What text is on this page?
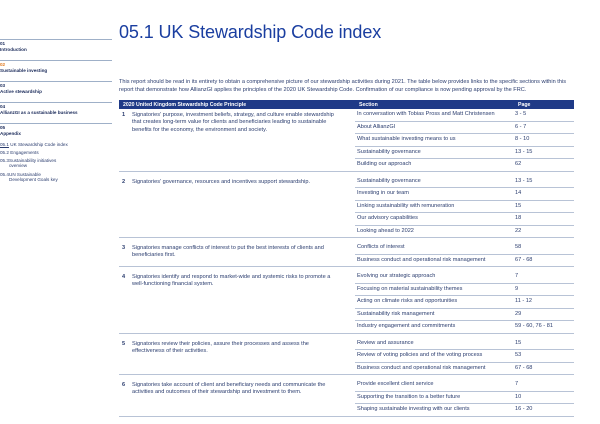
01
Introduction
02
Sustainable investing
03
Active stewardship
04
AllianzGI as a sustainable business
05
Appendix
05.1 UK Stewardship Code index
05.2 Engagements
05.3 Sustainability initiatives overview
05.4 UN Sustainable Development Goals key
05.1 UK Stewardship Code index
This report should be read in its entirety to obtain a comprehensive picture of our stewardship activities during 2021. The table below provides links to the specific sections within this report that demonstrate how AllianzGI applies the principles of the 2020 UK Stewardship Code. Confirmation of our compliance is now pending approval by the FRC.
2020 United Kingdom Stewardship Code Principle		Section	Page
1	Signatories' purpose, investment beliefs, strategy, and culture enable stewardship that creates long-term value for clients and beneficiaries leading to sustainable benefits for the economy, the environment and society.	In conversation with Tobias Pross and Matt Christensen	3 - 5
		About AllianzGI	6 - 7
		What sustainable investing means to us	8 - 10
		Sustainability governance	13 - 15
		Building our approach	62

2	Signatories' governance, resources and incentives support stewardship.	Sustainability governance	13 - 15
		Investing in our team	14
		Linking sustainability with remuneration	15
		Our advisory capabilities	18
		Looking ahead to 2022	22

3	Signatories manage conflicts of interest to put the best interests of clients and beneficiaries first.	Conflicts of interest	58
		Business conduct and operational risk management	67 - 68

4	Signatories identify and respond to market-wide and systemic risks to promote a well-functioning financial system.	Evolving our strategic approach	7
		Focusing on material sustainability themes	9
		Acting on climate risks and opportunities	11 - 12
		Sustainability risk management	29
		Industry engagement and commitments	59 - 60, 76 - 81

5	Signatories review their policies, assure their processes and assess the effectiveness of their activities.	Review and assurance	15
		Review of voting policies and of the voting process	53
		Business conduct and operational risk management	67 - 68

6	Signatories take account of client and beneficiary needs and communicate the activities and outcomes of their stewardship and investment to them.	Provide excellent client service	7
		Supporting the transition to a better future	10
		Shaping sustainable investing with our clients	16 - 20
